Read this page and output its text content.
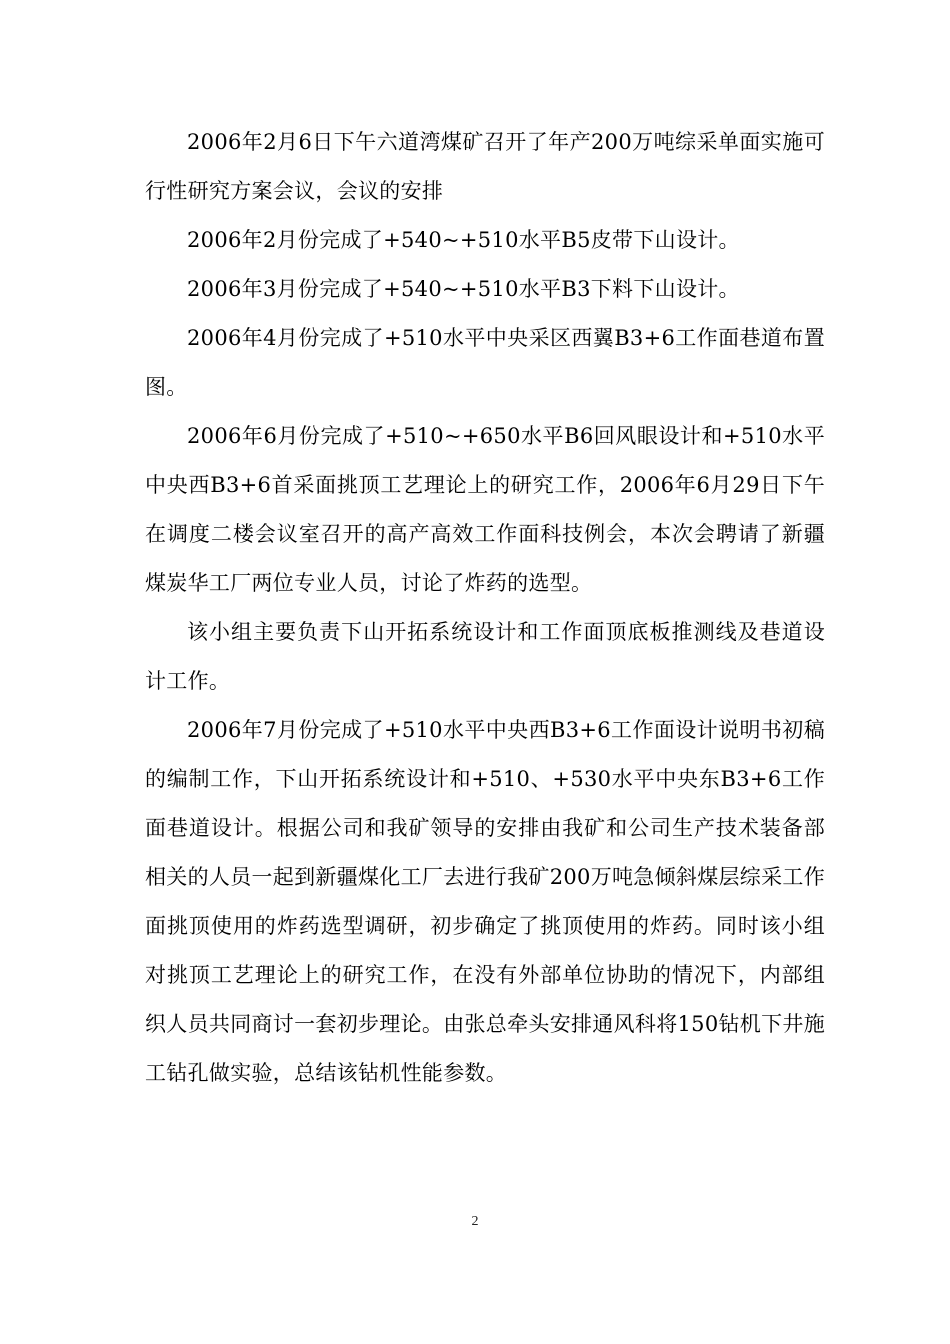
2006年2月6日下午六道湾煤矿召开了年产200万吨综采单面实施可行性研究方案会议，会议的安排

2006年2月份完成了+540~+510水平B5皮带下山设计。

2006年3月份完成了+540~+510水平B3下料下山设计。

2006年4月份完成了+510水平中央采区西翼B3+6工作面巷道布置图。

2006年6月份完成了+510~+650水平B6回风眼设计和+510水平中央西B3+6首采面挑顶工艺理论上的研究工作，2006年6月29日下午在调度二楼会议室召开的高产高效工作面科技例会，本次会聘请了新疆煤炭华工厂两位专业人员，讨论了炸药的选型。

该小组主要负责下山开拓系统设计和工作面顶底板推测线及巷道设计工作。

2006年7月份完成了+510水平中央西B3+6工作面设计说明书初稿的编制工作，下山开拓系统设计和+510、+530水平中央东B3+6工作面巷道设计。根据公司和我矿领导的安排由我矿和公司生产技术装备部相关的人员一起到新疆煤化工厂去进行我矿200万吨急倾斜煤层综采工作面挑顶使用的炸药选型调研，初步确定了挑顶使用的炸药。同时该小组对挑顶工艺理论上的研究工作，在没有外部单位协助的情况下，内部组织人员共同商讨一套初步理论。由张总牵头安排通风科将150钻机下井施工钻孔做实验，总结该钻机性能参数。

2
